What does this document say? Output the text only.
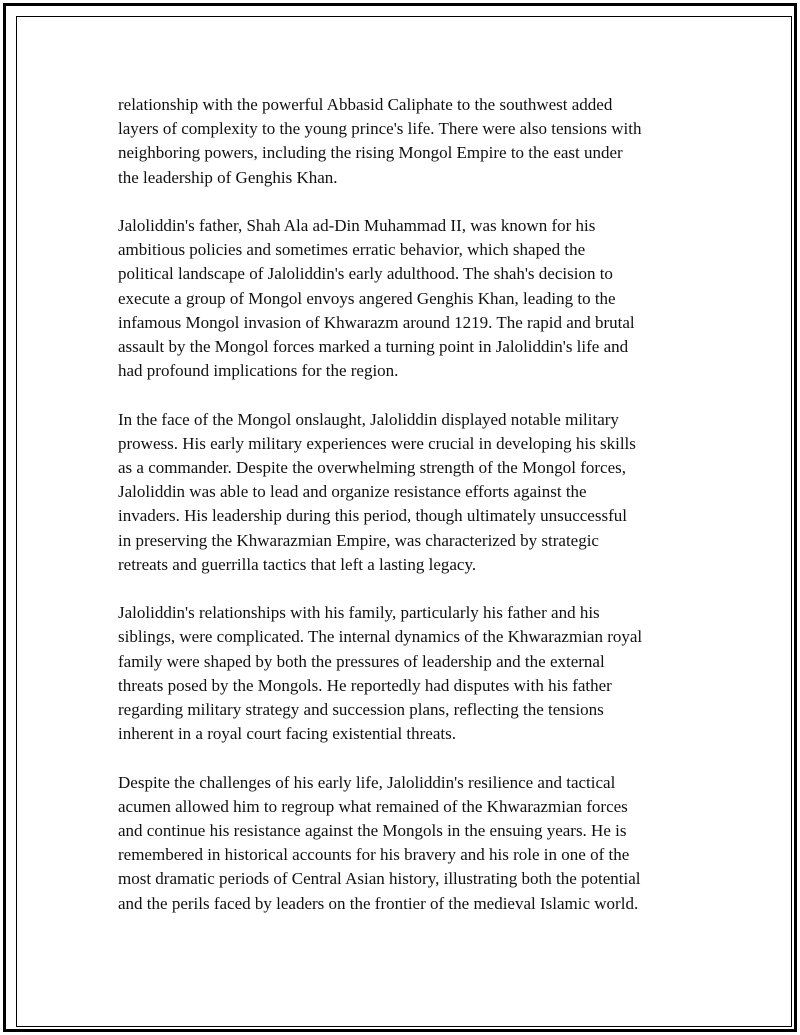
relationship with the powerful Abbasid Caliphate to the southwest added
layers of complexity to the young prince's life. There were also tensions with
neighboring powers, including the rising Mongol Empire to the east under
the leadership of Genghis Khan.

Jaloliddin's father, Shah Ala ad-Din Muhammad II, was known for his
ambitious policies and sometimes erratic behavior, which shaped the
political landscape of Jaloliddin's early adulthood. The shah's decision to
execute a group of Mongol envoys angered Genghis Khan, leading to the
infamous Mongol invasion of Khwarazm around 1219. The rapid and brutal
assault by the Mongol forces marked a turning point in Jaloliddin's life and
had profound implications for the region.

In the face of the Mongol onslaught, Jaloliddin displayed notable military
prowess. His early military experiences were crucial in developing his skills
as a commander. Despite the overwhelming strength of the Mongol forces,
Jaloliddin was able to lead and organize resistance efforts against the
invaders. His leadership during this period, though ultimately unsuccessful
in preserving the Khwarazmian Empire, was characterized by strategic
retreats and guerrilla tactics that left a lasting legacy.

Jaloliddin's relationships with his family, particularly his father and his
siblings, were complicated. The internal dynamics of the Khwarazmian royal
family were shaped by both the pressures of leadership and the external
threats posed by the Mongols. He reportedly had disputes with his father
regarding military strategy and succession plans, reflecting the tensions
inherent in a royal court facing existential threats.

Despite the challenges of his early life, Jaloliddin's resilience and tactical
acumen allowed him to regroup what remained of the Khwarazmian forces
and continue his resistance against the Mongols in the ensuing years. He is
remembered in historical accounts for his bravery and his role in one of the
most dramatic periods of Central Asian history, illustrating both the potential
and the perils faced by leaders on the frontier of the medieval Islamic world.
